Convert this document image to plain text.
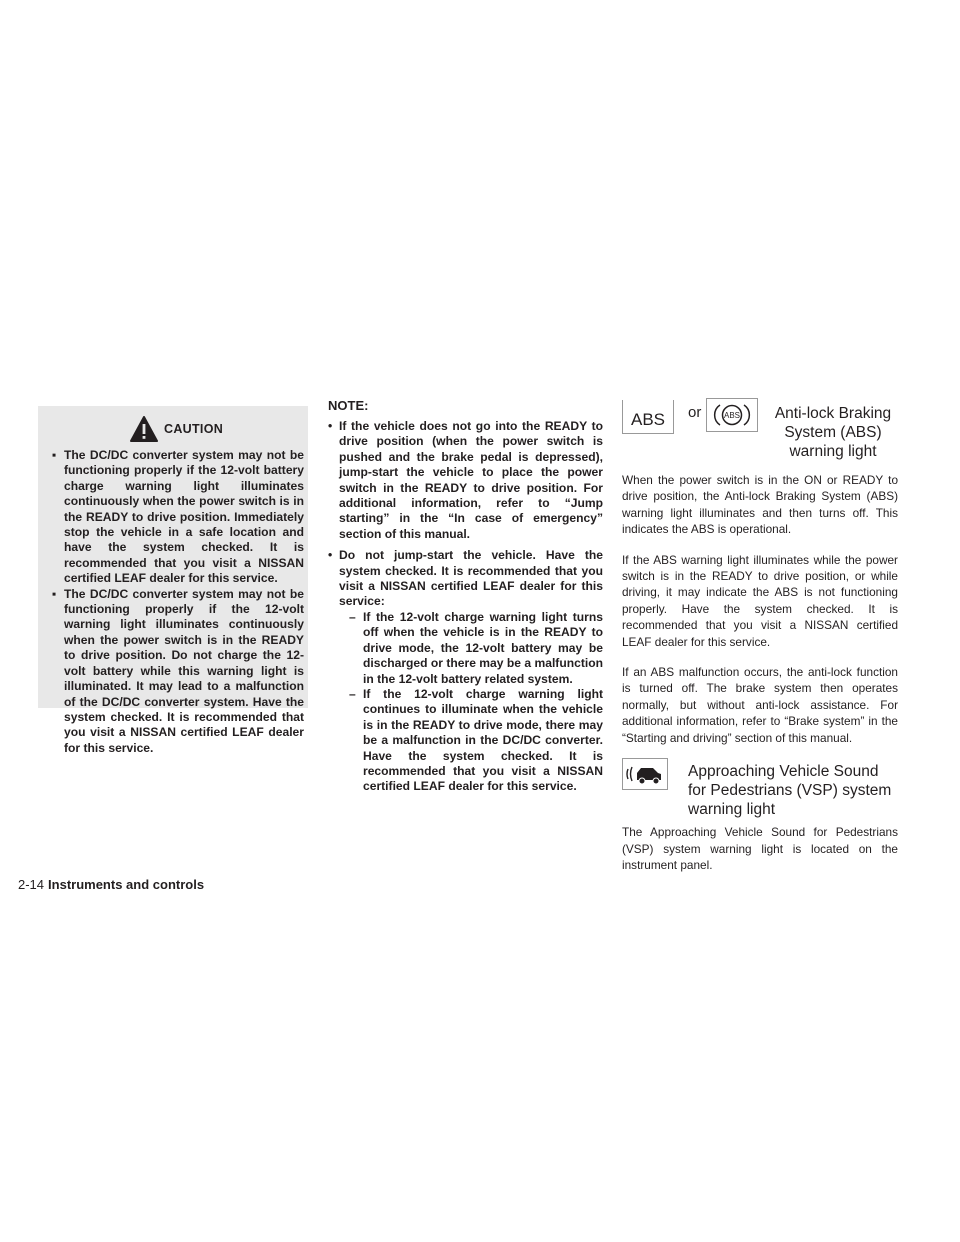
CAUTION
▪ The DC/DC converter system may not be functioning properly if the 12-volt battery charge warning light illuminates continuously when the power switch is in the READY to drive position. Immediately stop the vehicle in a safe location and have the system checked. It is recommended that you visit a NISSAN certified LEAF dealer for this service.
▪ The DC/DC converter system may not be functioning properly if the 12-volt warning light illuminates continuously when the power switch is in the READY to drive position. Do not charge the 12-volt battery while this warning light is illuminated. It may lead to a malfunction of the DC/DC converter system. Have the system checked. It is recommended that you visit a NISSAN certified LEAF dealer for this service.
NOTE:
• If the vehicle does not go into the READY to drive position (when the power switch is pushed and the brake pedal is depressed), jump-start the vehicle to place the power switch in the READY to drive position. For additional information, refer to “Jump starting” in the “In case of emergency” section of this manual.
• Do not jump-start the vehicle. Have the system checked. It is recommended that you visit a NISSAN certified LEAF dealer for this service:
– If the 12-volt charge warning light turns off when the vehicle is in the READY to drive mode, the 12-volt battery may be discharged or there may be a malfunction in the 12-volt battery related system.
– If the 12-volt charge warning light continues to illuminate when the vehicle is in the READY to drive mode, there may be a malfunction in the DC/DC converter. Have the system checked. It is recommended that you visit a NISSAN certified LEAF dealer for this service.
ABS	or	ABS	Anti-lock Braking System (ABS) warning light

When the power switch is in the ON or READY to drive position, the Anti-lock Braking System (ABS) warning light illuminates and then turns off. This indicates the ABS is operational.

If the ABS warning light illuminates while the power switch is in the READY to drive position, or while driving, it may indicate the ABS is not functioning properly. Have the system checked. It is recommended that you visit a NISSAN certified LEAF dealer for this service.

If an ABS malfunction occurs, the anti-lock function is turned off. The brake system then operates normally, but without anti-lock assistance. For additional information, refer to “Brake system” in the “Starting and driving” section of this manual.

Approaching Vehicle Sound for Pedestrians (VSP) system warning light

The Approaching Vehicle Sound for Pedestrians (VSP) system warning light is located on the instrument panel.

2-14 Instruments and controls
